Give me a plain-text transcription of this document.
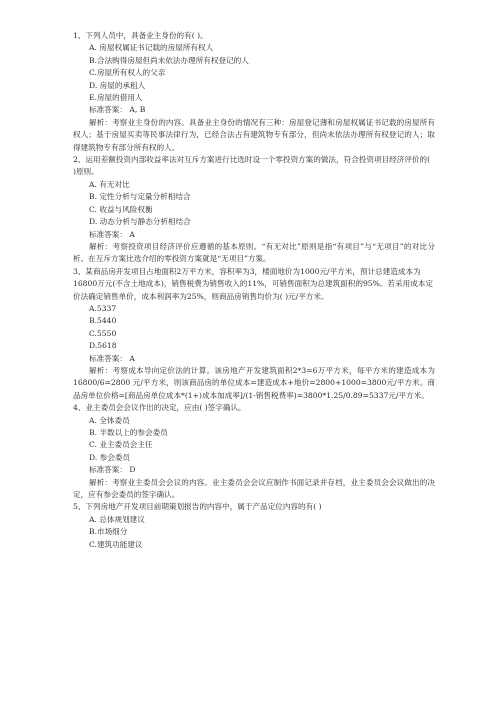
1、下列人员中，具备业主身份的有( )。

A. 房屋权属证书记载的房屋所有权人

B.合法购得房屋但尚未依法办理所有权登记的人

C.房屋所有权人的父亲

D. 房屋的承租人

E.房屋的借用人

标准答案： A, B

解析：考察业主身份的内容。具备业主身份的情况有三种：房屋登记薄和房屋权属证书记载的房屋所有权人；基于房屋买卖等民事法律行为，已经合法占有建筑物专有部分，但尚未依法办理所有权登记的人；取得建筑物专有部分所有权的人。

2、运用差额投资内部收益率法对互斥方案进行比选时设一个零投资方案的做法，符合投资项目经济评价的( )原则。

A. 有无对比

B. 定性分析与定量分析相结合

C. 收益与风险权衡

D. 动态分析与静态分析相结合

标准答案： A

解析：考察投资项目经济评价应遵循的基本原则。“有无对比”原则是指“有项目”与“无项目”的对比分析。在互斥方案比选介绍的零投资方案就是“无项目”方案。

3、某商品房开发项目占地面积2万平方米，容积率为3，楼面地价为1000元/平方米，预计总建造成本为16800万元(不含土地成本)，销售税费为销售收入的11%，可销售面积为总建筑面积的95%。若采用成本定价法确定销售单价，成本利润率为25%，则商品房销售均价为( )元/平方米。

A.5337

B.5440

C.5550

D.5618

标准答案： A

解析：考察成本导向定价法的计算。该房地产开发建筑面积2*3=6万平方米，每平方米的建造成本为 16800/6=2800 元/平方米，则该商品房的单位成本=建造成本+地价=2800+1000=3800元/平方米。商品房单位价格=[商品房单位成本*(1+)成本加成率]/(1-销售税费率)=3800*1.25/0.89=5337元/平方米。

4、业主委员会会议作出的决定，应由( )签字确认。

A. 全体委员

B. 半数以上的参会委员

C. 业主委员会主任

D. 参会委员

标准答案： D

解析：考察业主委员会会议的内容。业主委员会会议应制作书面记录并存档，业主委员会会议做出的决定，应有参会委员的签字确认。

5、下列房地产开发项目前期策划报告的内容中，属于产品定位内容的有( )

A. 总体规划建议

B.市场细分

C.建筑功能建议
